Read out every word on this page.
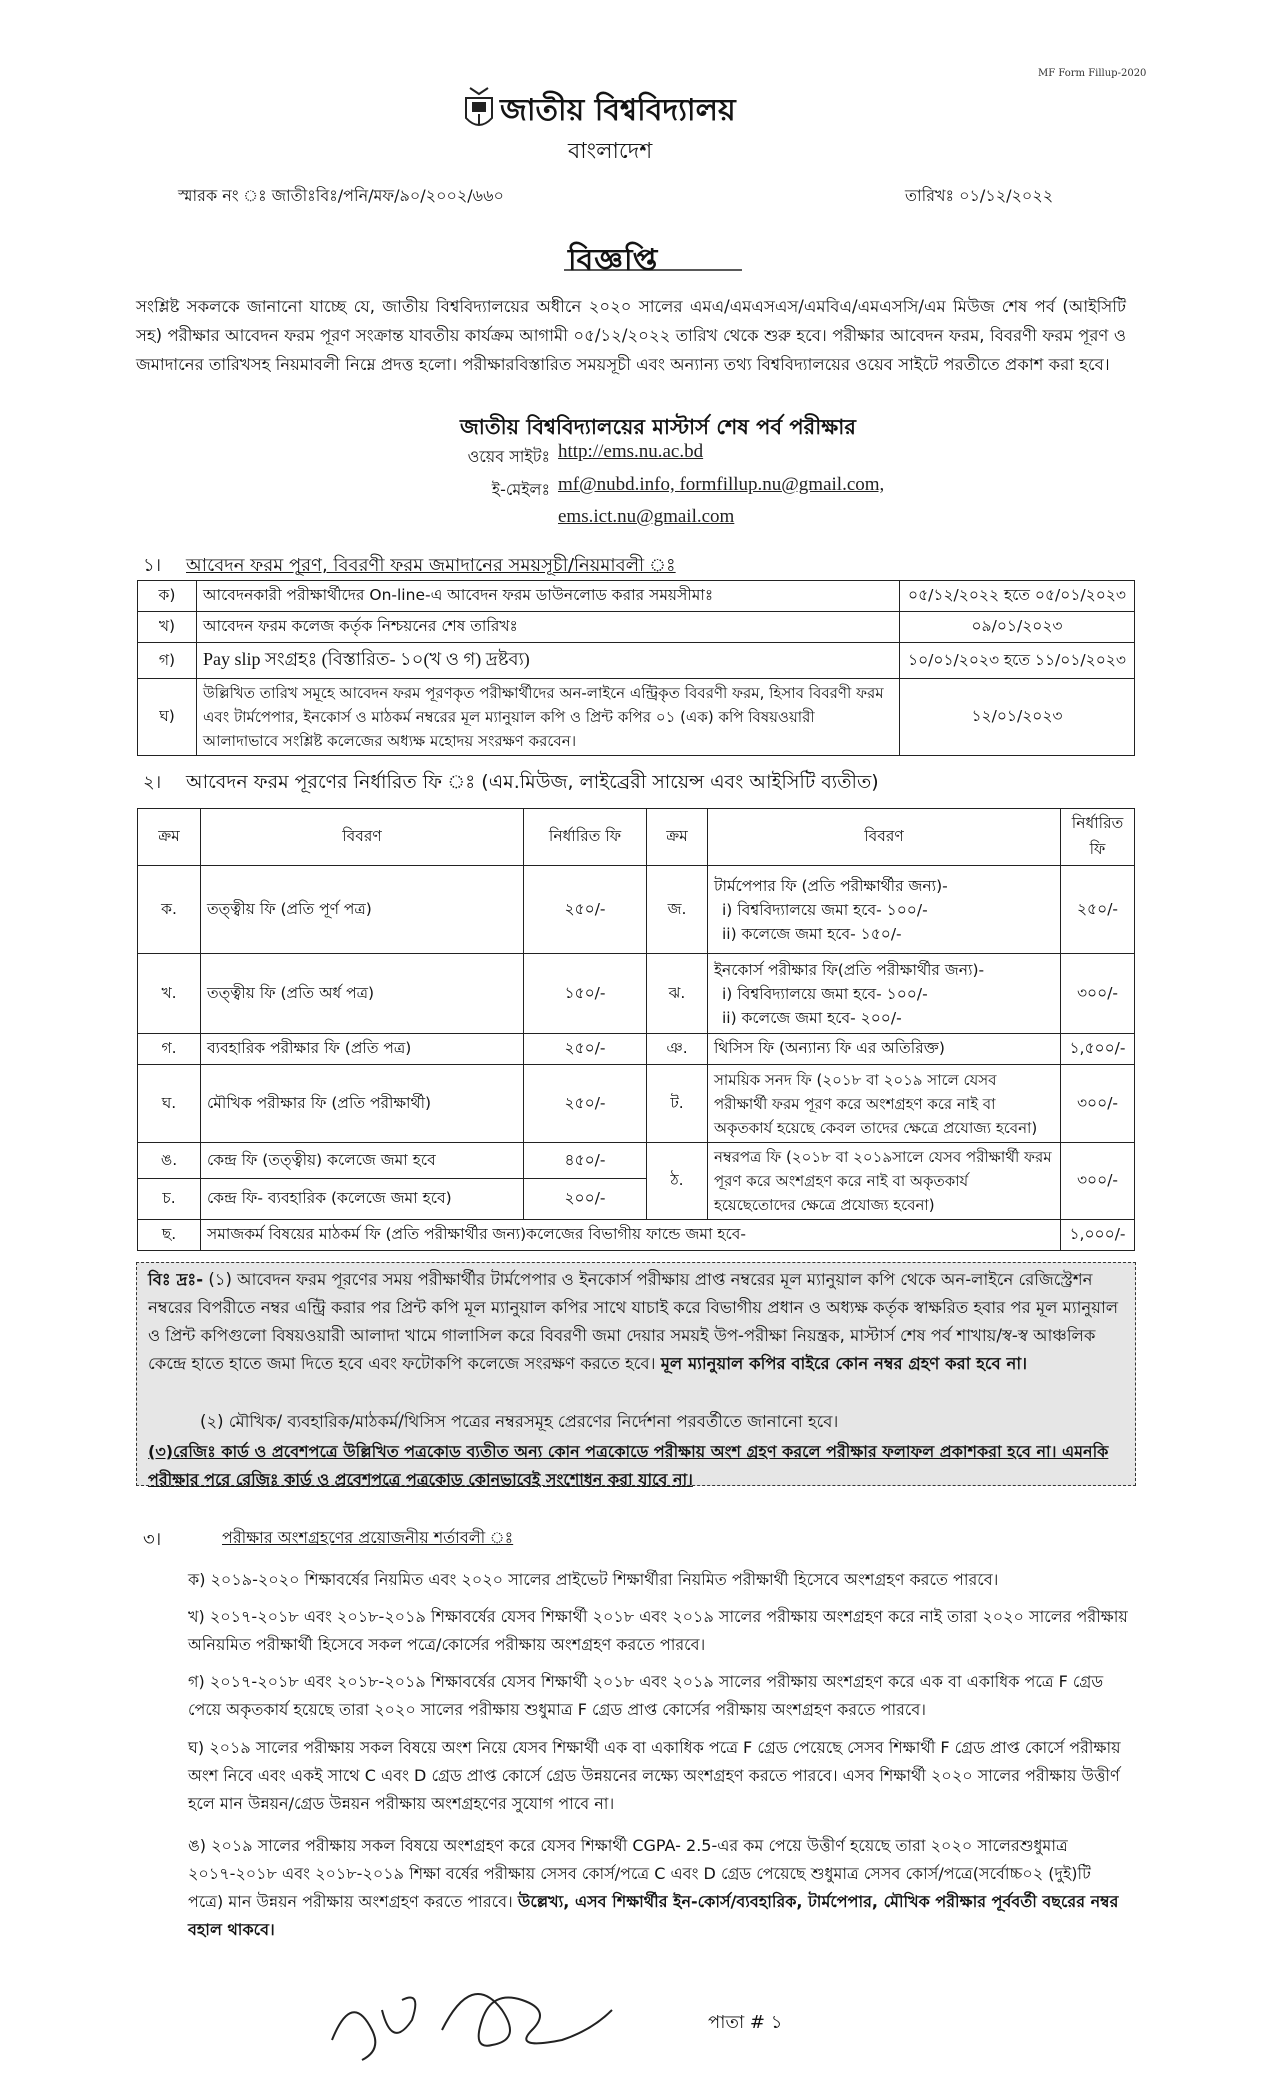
MF Form Fillup-2020
জাতীয় বিশ্ববিদ্যালয়
বাংলাদেশ
স্মারক নং ঃ জাতীঃবিঃ/পনি/মফ/৯০/২০০২/৬৬০	তারিখঃ ০১/১২/২০২২
বিজ্ঞপ্তি
সংশ্লিষ্ট সকলকে জানানো যাচ্ছে যে, জাতীয় বিশ্ববিদ্যালয়ের অধীনে ২০২০ সালের এমএ/এমএসএস/এমবিএ/এমএসসি/এম মিউজ শেষ পর্ব (আইসিটি সহ) পরীক্ষার আবেদন ফরম পূরণ সংক্রান্ত যাবতীয় কার্যক্রম আগামী ০৫/১২/২০২২ তারিখ থেকে শুরু হবে। পরীক্ষার আবেদন ফরম, বিবরণী ফরম পূরণ ও জমাদানের তারিখসহ নিয়মাবলী নিম্নে প্রদত্ত হলো। পরীক্ষারবিস্তারিত সময়সূচী এবং অন্যান্য তথ্য বিশ্ববিদ্যালয়ের ওয়েব সাইটে পরতীতে প্রকাশ করা হবে।
জাতীয় বিশ্ববিদ্যালয়ের মাস্টার্স শেষ পর্ব পরীক্ষার
ওয়েব সাইটঃ http://ems.nu.ac.bd
ই-মেইলঃ mf@nubd.info, formfillup.nu@gmail.com,
ems.ict.nu@gmail.com
১। আবেদন ফরম পূরণ, বিবরণী ফরম জমাদানের সময়সূচী/নিয়মাবলী ঃ
ক)	আবেদনকারী পরীক্ষার্থীদের On-line-এ আবেদন ফরম ডাউনলোড করার সময়সীমাঃ	০৫/১২/২০২২ হতে ০৫/০১/২০২৩
খ)	আবেদন ফরম কলেজ কর্তৃক নিশ্চয়নের শেষ তারিখঃ	০৯/০১/২০২৩
গ)	Pay slip সংগ্রহঃ (বিস্তারিত- ১০(খ ও গ) দ্রষ্টব্য)	১০/০১/২০২৩ হতে ১১/০১/২০২৩
ঘ)	উল্লিখিত তারিখ সমূহে আবেদন ফরম পূরণকৃত পরীক্ষার্থীদের অন-লাইনে এন্ট্রিকৃত বিবরণী ফরম, হিসাব বিবরণী ফরম এবং টার্মপেপার, ইনকোর্স ও মাঠকর্ম নম্বরের মূল ম্যানুয়াল কপি ও প্রিন্ট কপির ০১ (এক) কপি বিষয়ওয়ারী আলাদাভাবে সংশ্লিষ্ট কলেজের অধ্যক্ষ মহোদয় সংরক্ষণ করবেন।	১২/০১/২০২৩
২। আবেদন ফরম পূরণের নির্ধারিত ফি ঃ (এম.মিউজ, লাইব্রেরী সায়েন্স এবং আইসিটি ব্যতীত)
ক্রম	বিবরণ	নির্ধারিত ফি	ক্রম	বিবরণ	নির্ধারিত ফি
ক.	তত্ত্বীয় ফি (প্রতি পূর্ণ পত্র)	২৫০/-	জ.	টার্মপেপার ফি (প্রতি পরীক্ষার্থীর জন্য)-
i) বিশ্ববিদ্যালয়ে জমা হবে- ১০০/-
ii) কলেজে জমা হবে- ১৫০/-	২৫০/-
খ.	তত্ত্বীয় ফি (প্রতি অর্ধ পত্র)	১৫০/-	ঝ.	ইনকোর্স পরীক্ষার ফি(প্রতি পরীক্ষার্থীর জন্য)-
i) বিশ্ববিদ্যালয়ে জমা হবে- ১০০/-
ii) কলেজে জমা হবে- ২০০/-	৩০০/-
গ.	ব্যবহারিক পরীক্ষার ফি (প্রতি পত্র)	২৫০/-	ঞ.	থিসিস ফি (অন্যান্য ফি এর অতিরিক্ত)	১,৫০০/-
ঘ.	মৌখিক পরীক্ষার ফি (প্রতি পরীক্ষার্থী)	২৫০/-	ট.	সাময়িক সনদ ফি (২০১৮ বা ২০১৯ সালে যেসব পরীক্ষার্থী ফরম পূরণ করে অংশগ্রহণ করে নাই বা অকৃতকার্য হয়েছে কেবল তাদের ক্ষেত্রে প্রযোজ্য হবেনা)	৩০০/-
ঙ.	কেন্দ্র ফি (তত্ত্বীয়) কলেজে জমা হবে	৪৫০/-	ঠ.	নম্বরপত্র ফি (২০১৮ বা ২০১৯সালে যেসব পরীক্ষার্থী ফরম পূরণ করে অংশগ্রহণ করে নাই বা অকৃতকার্য হয়েছেতোদের ক্ষেত্রে প্রযোজ্য হবেনা)	৩০০/-
চ.	কেন্দ্র ফি- ব্যবহারিক (কলেজে জমা হবে)	২০০/-			
ছ.	সমাজকর্ম বিষয়ের মাঠকর্ম ফি (প্রতি পরীক্ষার্থীর জন্য)কলেজের বিভাগীয় ফান্ডে জমা হবে-				১,০০০/-
বিঃ দ্রঃ- (১) আবেদন ফরম পূরণের সময় পরীক্ষার্থীর টার্মপেপার ও ইনকোর্স পরীক্ষায় প্রাপ্ত নম্বরের মূল ম্যানুয়াল কপি থেকে অন-লাইনে রেজিস্ট্রেশন নম্বরের বিপরীতে নম্বর এন্ট্রি করার পর প্রিন্ট কপি মূল ম্যানুয়াল কপির সাথে যাচাই করে বিভাগীয় প্রধান ও অধ্যক্ষ কর্তৃক স্বাক্ষরিত হবার পর মূল ম্যানুয়াল ও প্রিন্ট কপিগুলো বিষয়ওয়ারী আলাদা খামে গালাসিল করে বিবরণী জমা দেয়ার সময়ই উপ-পরীক্ষা নিয়ন্ত্রক, মাস্টার্স শেষ পর্ব শাখায়/স্ব-স্ব আঞ্চলিক কেন্দ্রে হাতে হাতে জমা দিতে হবে এবং ফটোকপি কলেজে সংরক্ষণ করতে হবে। মূল ম্যানুয়াল কপির বাইরে কোন নম্বর গ্রহণ করা হবে না।
(২) মৌখিক/ ব্যবহারিক/মাঠকর্ম/থিসিস পত্রের নম্বরসমূহ প্রেরণের নির্দেশনা পরবর্তীতে জানানো হবে।
(৩)রেজিঃ কার্ড ও প্রবেশপত্রে উল্লিখিত পত্রকোড ব্যতীত অন্য কোন পত্রকোডে পরীক্ষায় অংশ গ্রহণ করলে পরীক্ষার ফলাফল প্রকাশকরা হবে না। এমনকি পরীক্ষার পরে রেজিঃ কার্ড ও প্রবেশপত্রে পত্রকোড কোনভাবেই সংশোধন করা যাবে না।
৩।	পরীক্ষার অংশগ্রহণের প্রয়োজনীয় শর্তাবলী ঃ
ক) ২০১৯-২০২০ শিক্ষাবর্ষের নিয়মিত এবং ২০২০ সালের প্রাইভেট শিক্ষার্থীরা নিয়মিত পরীক্ষার্থী হিসেবে অংশগ্রহণ করতে পারবে।
খ) ২০১৭-২০১৮ এবং ২০১৮-২০১৯ শিক্ষাবর্ষের যেসব শিক্ষার্থী ২০১৮ এবং ২০১৯ সালের পরীক্ষায় অংশগ্রহণ করে নাই তারা ২০২০ সালের পরীক্ষায় অনিয়মিত পরীক্ষার্থী হিসেবে সকল পত্রে/কোর্সের পরীক্ষায় অংশগ্রহণ করতে পারবে।
গ) ২০১৭-২০১৮ এবং ২০১৮-২০১৯ শিক্ষাবর্ষের যেসব শিক্ষার্থী ২০১৮ এবং ২০১৯ সালের পরীক্ষায় অংশগ্রহণ করে এক বা একাধিক পত্রে F গ্রেড পেয়ে অকৃতকার্য হয়েছে তারা ২০২০ সালের পরীক্ষায় শুধুমাত্র F গ্রেড প্রাপ্ত কোর্সের পরীক্ষায় অংশগ্রহণ করতে পারবে।
ঘ) ২০১৯ সালের পরীক্ষায় সকল বিষয়ে অংশ নিয়ে যেসব শিক্ষার্থী এক বা একাধিক পত্রে F গ্রেড পেয়েছে সেসব শিক্ষার্থী F গ্রেড প্রাপ্ত কোর্সে পরীক্ষায় অংশ নিবে এবং একই সাথে C এবং D গ্রেড প্রাপ্ত কোর্সে গ্রেড উন্নয়নের লক্ষ্যে অংশগ্রহণ করতে পারবে। এসব শিক্ষার্থী ২০২০ সালের পরীক্ষায় উত্তীর্ণ হলে মান উন্নয়ন/গ্রেড উন্নয়ন পরীক্ষায় অংশগ্রহণের সুযোগ পাবে না।
ঙ) ২০১৯ সালের পরীক্ষায় সকল বিষয়ে অংশগ্রহণ করে যেসব শিক্ষার্থী CGPA- 2.5-এর কম পেয়ে উত্তীর্ণ হয়েছে তারা ২০২০ সালেরশুধুমাত্র ২০১৭-২০১৮ এবং ২০১৮-২০১৯ শিক্ষা বর্ষের পরীক্ষায় সেসব কোর্স/পত্রে C এবং D গ্রেড পেয়েছে শুধুমাত্র সেসব কোর্স/পত্রে(সর্বোচ্চ০২ (দুই)টি পত্রে) মান উন্নয়ন পরীক্ষায় অংশগ্রহণ করতে পারবে। উল্লেখ্য, এসব শিক্ষার্থীর ইন-কোর্স/ব্যবহারিক, টার্মপেপার, মৌখিক পরীক্ষার পূর্ববর্তী বছরের নম্বর বহাল থাকবে।
পাতা # ১
